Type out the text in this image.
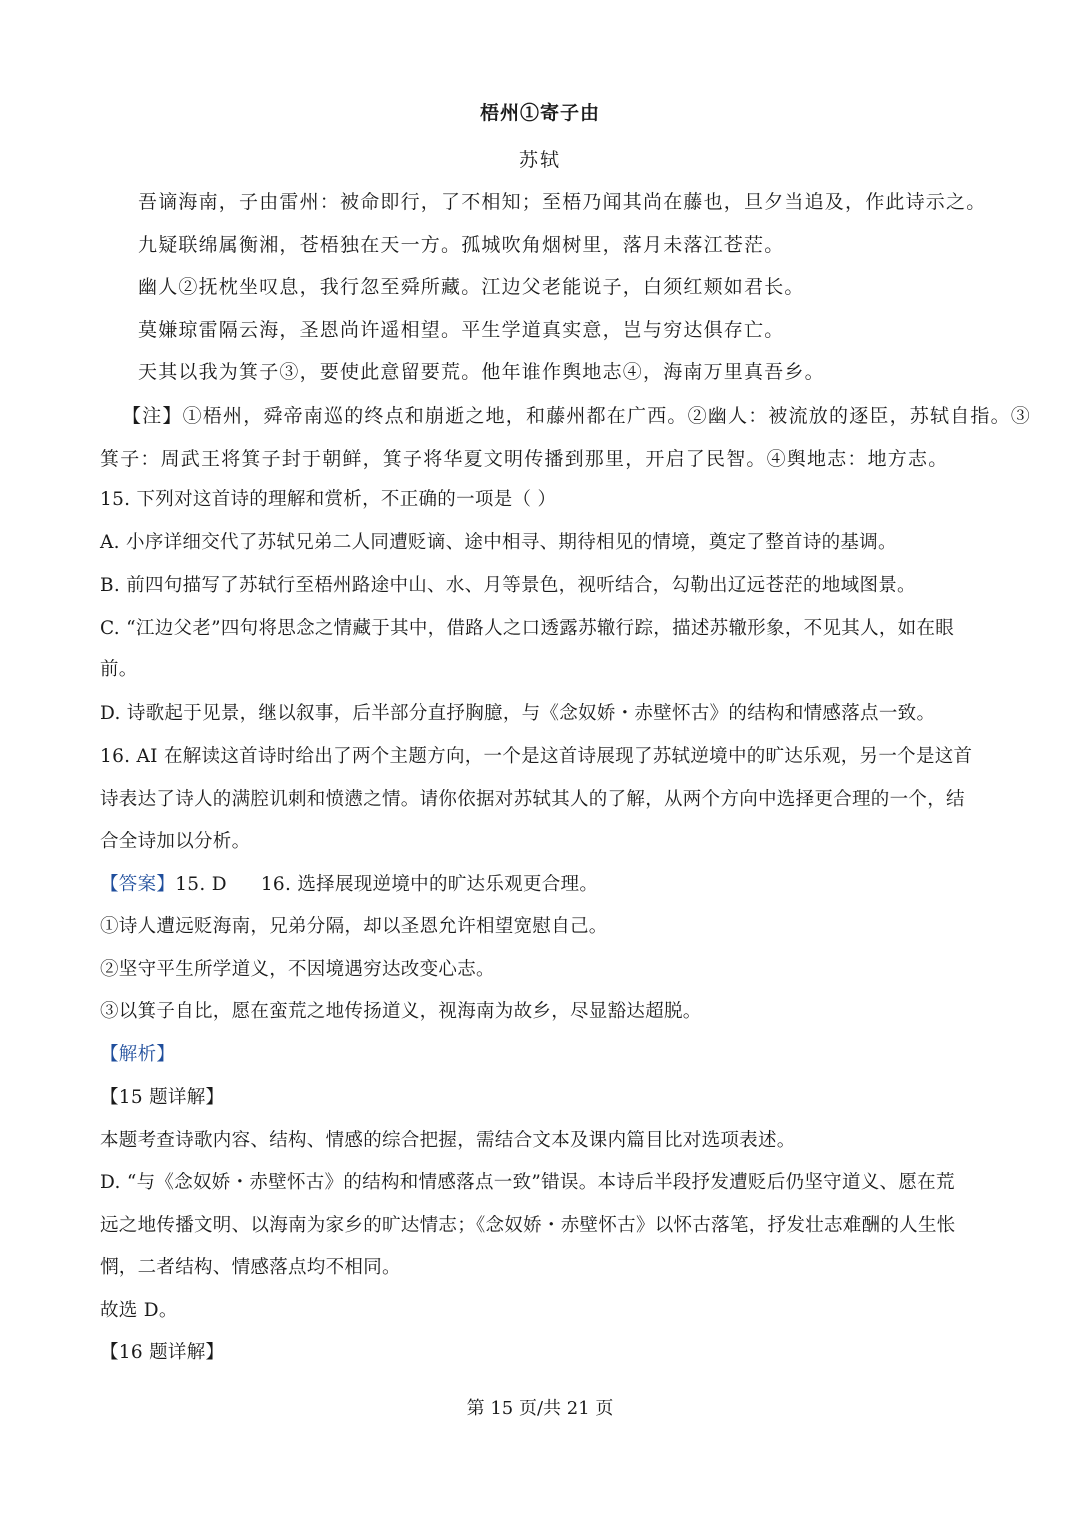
梧州①寄子由
苏轼
吾谪海南，子由雷州：被命即行，了不相知；至梧乃闻其尚在藤也，旦夕当追及，作此诗示之。
九疑联绵属衡湘，苍梧独在天一方。孤城吹角烟树里，落月未落江苍茫。
幽人②抚枕坐叹息，我行忽至舜所藏。江边父老能说子，白须红颊如君长。
莫嫌琼雷隔云海，圣恩尚许遥相望。平生学道真实意，岂与穷达俱存亡。
天其以我为箕子③，要使此意留要荒。他年谁作舆地志④，海南万里真吾乡。
【注】①梧州，舜帝南巡的终点和崩逝之地，和藤州都在广西。②幽人：被流放的逐臣，苏轼自指。③
箕子：周武王将箕子封于朝鲜，箕子将华夏文明传播到那里，开启了民智。④舆地志：地方志。
15. 下列对这首诗的理解和赏析，不正确的一项是（ ）
A. 小序详细交代了苏轼兄弟二人同遭贬谪、途中相寻、期待相见的情境，奠定了整首诗的基调。
B. 前四句描写了苏轼行至梧州路途中山、水、月等景色，视听结合，勾勒出辽远苍茫的地域图景。
C. “江边父老”四句将思念之情藏于其中，借路人之口透露苏辙行踪，描述苏辙形象，不见其人，如在眼
前。
D. 诗歌起于见景，继以叙事，后半部分直抒胸臆，与《念奴娇・赤壁怀古》的结构和情感落点一致。
16. AI 在解读这首诗时给出了两个主题方向，一个是这首诗展现了苏轼逆境中的旷达乐观，另一个是这首
诗表达了诗人的满腔讥刺和愤懑之情。请你依据对苏轼其人的了解，从两个方向中选择更合理的一个，结
合全诗加以分析。
【答案】15. D 16. 选择展现逆境中的旷达乐观更合理。
①诗人遭远贬海南，兄弟分隔，却以圣恩允许相望宽慰自己。
②坚守平生所学道义，不因境遇穷达改变心志。
③以箕子自比，愿在蛮荒之地传扬道义，视海南为故乡，尽显豁达超脱。
【解析】
【15 题详解】
本题考查诗歌内容、结构、情感的综合把握，需结合文本及课内篇目比对选项表述。
D. “与《念奴娇・赤壁怀古》的结构和情感落点一致”错误。本诗后半段抒发遭贬后仍坚守道义、愿在荒
远之地传播文明、以海南为家乡的旷达情志；《念奴娇・赤壁怀古》以怀古落笔，抒发壮志难酬的人生怅
惘，二者结构、情感落点均不相同。
故选 D。
【16 题详解】
第 15 页/共 21 页
